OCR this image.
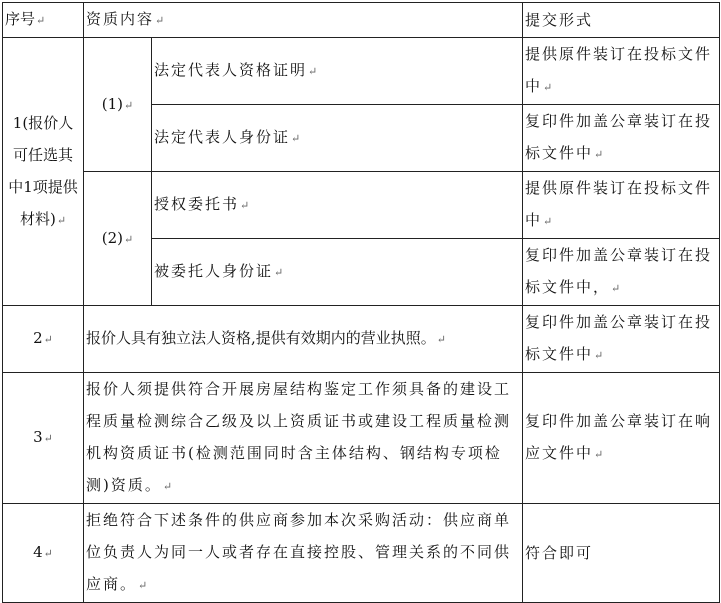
序号↵	资质内容↵		提交形式
1(报价人可任选其中1项提供材料)↵	(1)↵	法定代表人资格证明↵	提供原件装订在投标文件中↵
		法定代表人身份证↵	复印件加盖公章装订在投标文件中↵
	(2)↵	授权委托书↵	提供原件装订在投标文件中↵
		被委托人身份证↵	复印件加盖公章装订在投标文件中，↵
2↵	报价人具有独立法人资格,提供有效期内的营业执照。↵		复印件加盖公章装订在投标文件中↵
3↵	报价人须提供符合开展房屋结构鉴定工作须具备的建设工程质量检测综合乙级及以上资质证书或建设工程质量检测机构资质证书(检测范围同时含主体结构、钢结构专项检测)资质。↵		复印件加盖公章装订在响应文件中↵
4↵	拒绝符合下述条件的供应商参加本次采购活动：供应商单位负责人为同一人或者存在直接控股、管理关系的不同供应商。↵		符合即可
